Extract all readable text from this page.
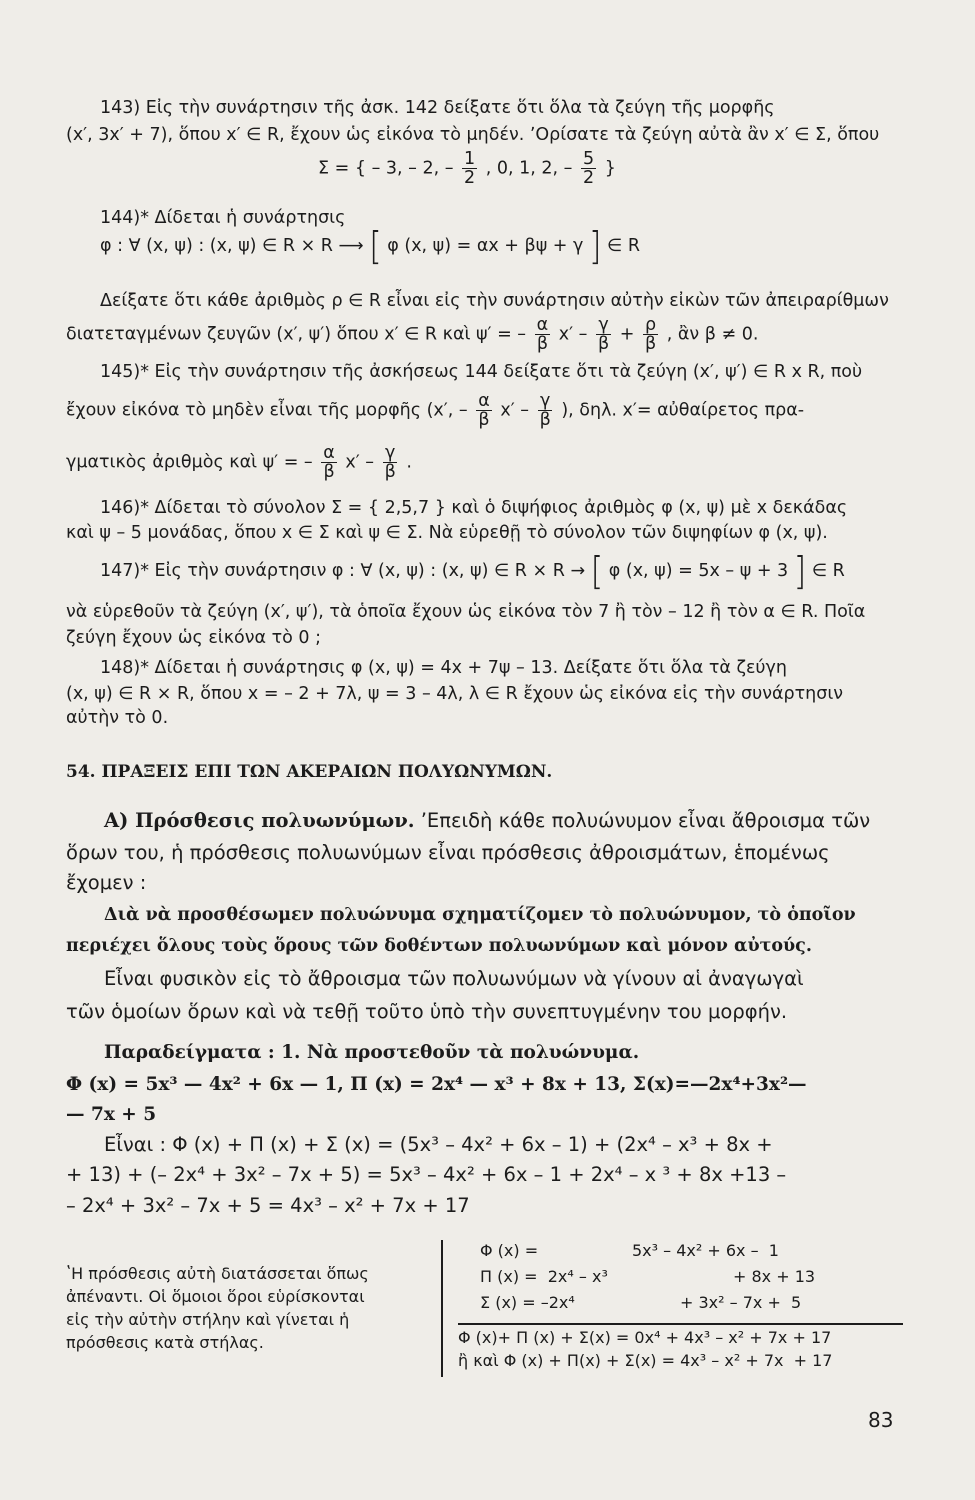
143) Εἰς τὴν συνάρτησιν τῆς ἀσκ. 142 δείξατε ὅτι ὅλα τὰ ζεύγη τῆς μορφῆς
(x′, 3x′ + 7), ὅπου x′ ∈ R, ἔχουν ὡς εἰκόνα τὸ μηδέν. ʼΟρίσατε τὰ ζεύγη αὐτὰ ἂν x′ ∈ Σ, ὅπου
Σ = { – 3, – 2, – $\frac{1}{2}$ , 0, 1, 2, – $\frac{5}{2}$ }
144)* Δίδεται ἡ συνάρτησις
φ : ∀ (x, ψ) : (x, ψ) ∈ R × R ⟶ [ φ (x, ψ) = αx + βψ + γ ] ∈ R
Δείξατε ὅτι κάθε ἀριθμὸς ρ ∈ R εἶναι εἰς τὴν συνάρτησιν αὐτὴν εἰκὼν τῶν ἀπειραρίθμων
διατεταγμένων ζευγῶν (x′, ψ′) ὅπου x′ ∈ R καὶ ψ′ = – $\frac{\alpha}{\beta} x' - \frac{\gamma}{\beta} + \frac{\rho}{\beta}$ , ἂν β ≠ 0.
145)* Εἰς τὴν συνάρτησιν τῆς ἀσκήσεως 144 δείξατε ὅτι τὰ ζεύγη (x′, ψ′) ∈ R x R, ποὺ
ἔχουν εἰκόνα τὸ μηδὲν εἶναι τῆς μορφῆς (x′, – $\frac{\alpha}{\beta} x' - \frac{\gamma}{\beta}$ ), δηλ. x′= αὐθαίρετος πρα-
γματικὸς ἀριθμὸς καὶ ψ′ = – $\frac{\alpha}{\beta} x' - \frac{\gamma}{\beta}$ .
146)* Δίδεται τὸ σύνολον Σ = { 2,5,7 } καὶ ὁ διψήφιος ἀριθμὸς φ (x, ψ) μὲ x δεκάδας
καὶ ψ – 5 μονάδας, ὅπου x ∈ Σ καὶ ψ ∈ Σ. Νὰ εὑρεθῇ τὸ σύνολον τῶν διψηφίων φ (x, ψ).
147)* Εἰς τὴν συνάρτησιν φ : ∀ (x, ψ) : (x, ψ) ∈ R × R → [ φ (x, ψ) = 5x – ψ + 3 ] ∈ R
νὰ εὑρεθοῦν τὰ ζεύγη (x′, ψ′), τὰ ὁποῖα ἔχουν ὡς εἰκόνα τὸν 7 ἢ τὸν – 12 ἢ τὸν α ∈ R. Ποῖα
ζεύγη ἔχουν ὡς εἰκόνα τὸ 0 ;
148)* Δίδεται ἡ συνάρτησις φ (x, ψ) = 4x + 7ψ – 13. Δείξατε ὅτι ὅλα τὰ ζεύγη
(x, ψ) ∈ R × R, ὅπου x = – 2 + 7λ, ψ = 3 – 4λ, λ ∈ R ἔχουν ὡς εἰκόνα εἰς τὴν συνάρτησιν
αὐτὴν τὸ 0.
54. ΠΡΑΞΕΙΣ ΕΠΙ ΤΩΝ ΑΚΕΡΑΙΩΝ ΠΟΛΥΩΝΥΜΩΝ.
Α) Πρόσθεσις πολυωνύμων. ʼΕπειδὴ κάθε πολυώνυμον εἶναι ἄθροισμα τῶν
ὅρων του, ἡ πρόσθεσις πολυωνύμων εἶναι πρόσθεσις ἀθροισμάτων, ἑπομένως
ἔχομεν :
Διὰ νὰ προσθέσωμεν πολυώνυμα σχηματίζομεν τὸ πολυώνυμον, τὸ ὁποῖον
περιέχει ὅλους τοὺς ὅρους τῶν δοθέντων πολυωνύμων καὶ μόνον αὐτούς.
Εἶναι φυσικὸν εἰς τὸ ἄθροισμα τῶν πολυωνύμων νὰ γίνουν αἱ ἀναγωγαὶ
τῶν ὁμοίων ὅρων καὶ νὰ τεθῇ τοῦτο ὑπὸ τὴν συνεπτυγμένην του μορφήν.
Παραδείγματα : 1. Νὰ προστεθοῦν τὰ πολυώνυμα.
Φ (x) = 5x³ — 4x² + 6x — 1, Π (x) = 2x⁴ — x³ + 8x + 13, Σ(x)=—2x⁴+3x²—
— 7x + 5
Εἶναι : Φ (x) + Π (x) + Σ (x) = (5x³ – 4x² + 6x – 1) + (2x⁴ – x³ + 8x +
+ 13) + (– 2x⁴ + 3x² – 7x + 5) = 5x³ – 4x² + 6x – 1 + 2x⁴ – x ³ + 8x +13 –
– 2x⁴ + 3x² – 7x + 5 = 4x³ – x² + 7x + 17
ʽΗ πρόσθεσις αὐτὴ διατάσσεται ὅπως
ἀπέναντι. Οἱ ὅμοιοι ὅροι εὑρίσκονται
εἰς τὴν αὐτὴν στήλην καὶ γίνεται ἡ
πρόσθεσις κατὰ στήλας.
Φ (x) =	5x³ – 4x² + 6x –  1
Π (x) =  2x⁴ – x³	+ 8x + 13
Σ (x) = –2x⁴	+ 3x² – 7x +  5
Φ (x)+ Π (x) + Σ(x) = 0x⁴ + 4x³ – x² + 7x + 17
ἢ καὶ Φ (x) + Π(x) + Σ(x) = 4x³ – x² + 7x  + 17
83
